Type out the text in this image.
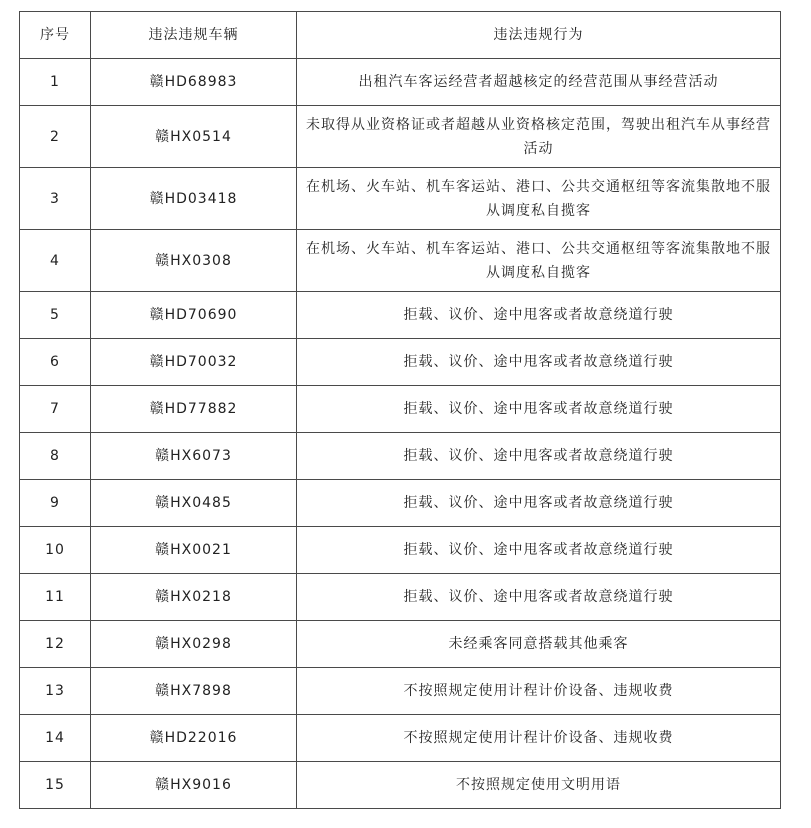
序号	违法违规车辆	违法违规行为
1	赣HD68983	出租汽车客运经营者超越核定的经营范围从事经营活动
2	赣HX0514	未取得从业资格证或者超越从业资格核定范围，驾驶出租汽车从事经营活动
3	赣HD03418	在机场、火车站、机车客运站、港口、公共交通枢纽等客流集散地不服从调度私自揽客
4	赣HX0308	在机场、火车站、机车客运站、港口、公共交通枢纽等客流集散地不服从调度私自揽客
5	赣HD70690	拒载、议价、途中甩客或者故意绕道行驶
6	赣HD70032	拒载、议价、途中甩客或者故意绕道行驶
7	赣HD77882	拒载、议价、途中甩客或者故意绕道行驶
8	赣HX6073	拒载、议价、途中甩客或者故意绕道行驶
9	赣HX0485	拒载、议价、途中甩客或者故意绕道行驶
10	赣HX0021	拒载、议价、途中甩客或者故意绕道行驶
11	赣HX0218	拒载、议价、途中甩客或者故意绕道行驶
12	赣HX0298	未经乘客同意搭载其他乘客
13	赣HX7898	不按照规定使用计程计价设备、违规收费
14	赣HD22016	不按照规定使用计程计价设备、违规收费
15	赣HX9016	不按照规定使用文明用语
